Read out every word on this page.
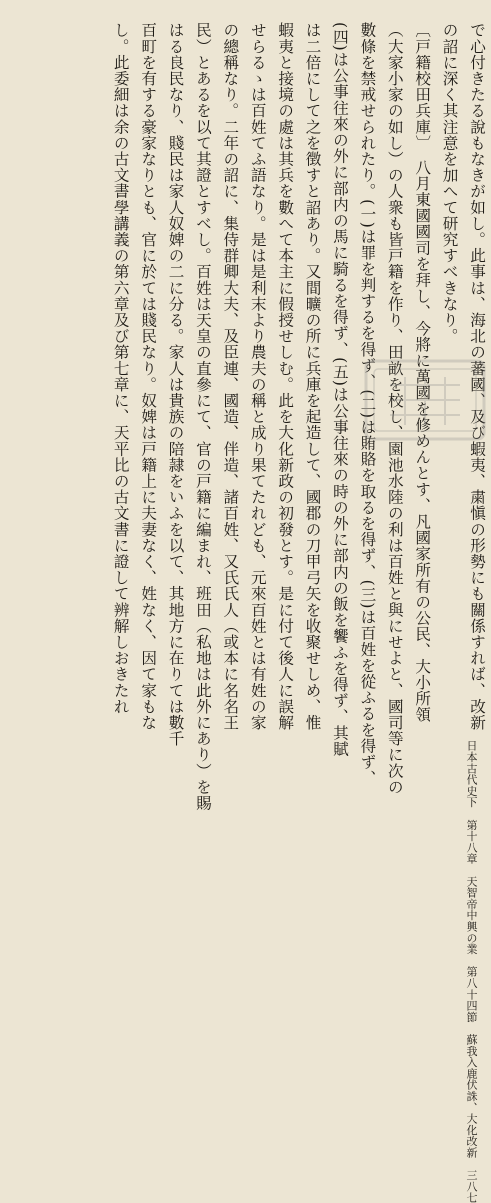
で心付きたる說もなきが如し。此事は、海北の蕃國、及び蝦夷、粛愼の形勢にも關係すれば、改新
の詔に深く其注意を加へて研究すべきなり。
〔戸籍校田兵庫〕　八月東國國司を拜し、今將に萬國を修めんとす、凡國家所有の公民、大小所領
（大家小家の如し）の人衆も皆戸籍を作り、田畝を校し、園池水陸の利は百姓と與にせよと、國司等に次の
數條を禁戒せられたり。(一)は罪を判するを得ず、(二)は賄賂を取るを得ず、(三)は百姓を從ふるを得ず、
(四)は公事往來の外に部内の馬に騎るを得ず、(五)は公事往來の時の外に部内の飯を饗ふを得ず、其賦
は二倍にして之を徴すと詔あり。又間曠の所に兵庫を起造して、國郡の刀甲弓矢を收聚せしめ、惟
蝦夷と接境の處は其兵を數へて本主に假授せしむ。此を大化新政の初發とす。是に付て後人に誤解
せらるゝは百姓てふ語なり。是は是利末より農夫の稱と成り果てたれども、元來百姓とは有姓の家
の總稱なり。二年の詔に、集侍群卿大夫、及臣連、國造、伴造、諸百姓、又氏氏人（或本に名名王
民）とあるを以て其證とすべし。百姓は天皇の直參にて、官の戸籍に編まれ、班田（私地は此外にあり）を賜
はる良民なり、賤民は家人奴婢の二に分る。家人は貴族の陪隷をいふを以て、其地方に在りては數千
百町を有する豪家なりとも、官に於ては賤民なり。奴婢は戸籍上に夫妻なく、姓なく、因て家もな
し。此委細は余の古文書學講義の第六章及び第七章に、天平比の古文書に證して辨解しおきたれ
日本古代史下　第十八章　天智帝中興の業　第八十四節　蘇我入鹿伏誅、大化改新　三八七
